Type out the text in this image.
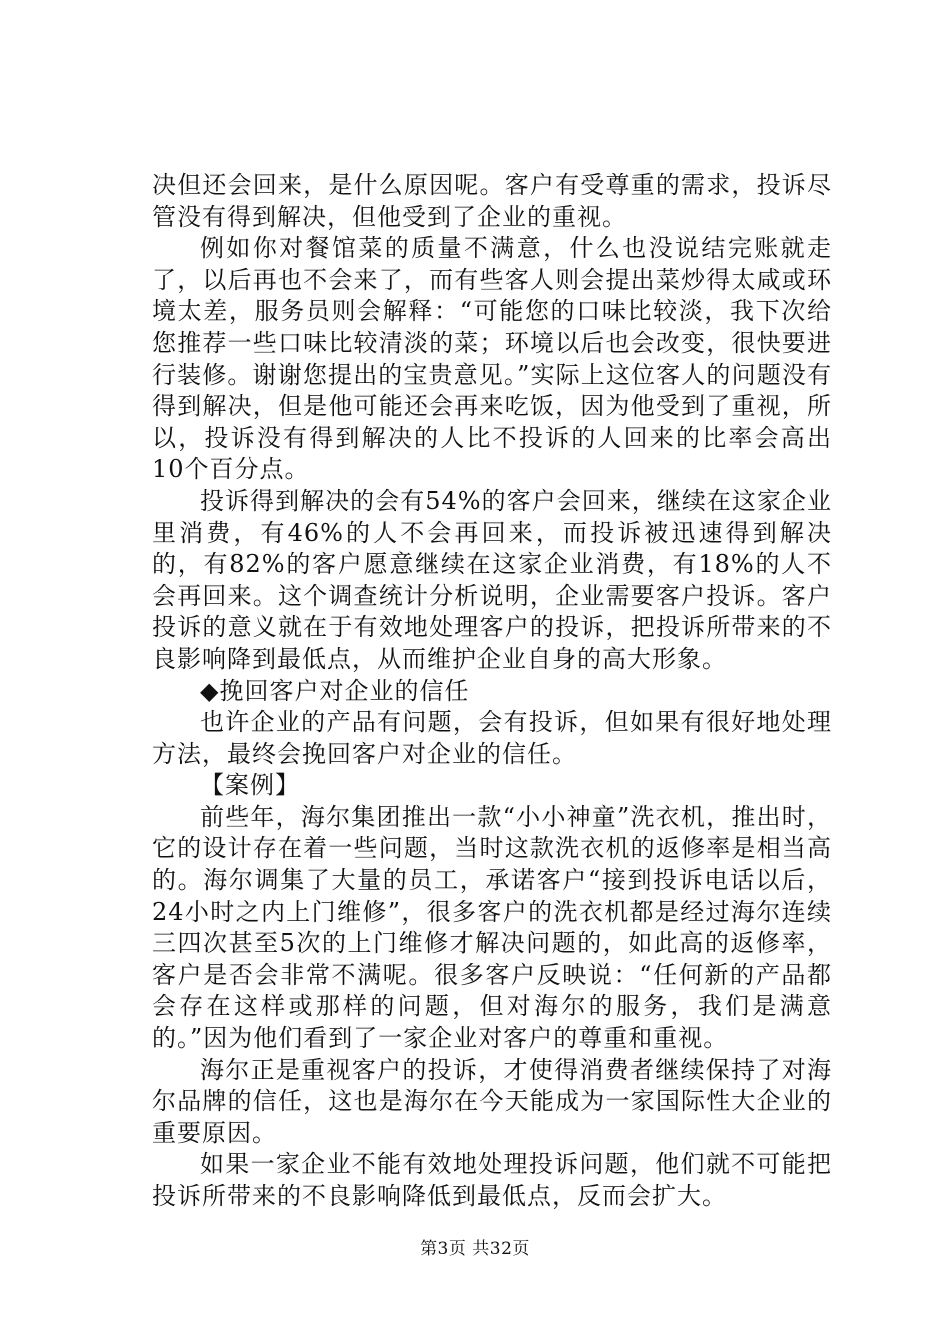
决但还会回来，是什么原因呢。客户有受尊重的需求，投诉尽管没有得到解决，但他受到了企业的重视。

例如你对餐馆菜的质量不满意，什么也没说结完账就走了，以后再也不会来了，而有些客人则会提出菜炒得太咸或环境太差，服务员则会解释：“可能您的口味比较淡，我下次给您推荐一些口味比较清淡的菜；环境以后也会改变，很快要进行装修。谢谢您提出的宝贵意见。”实际上这位客人的问题没有得到解决，但是他可能还会再来吃饭，因为他受到了重视，所以，投诉没有得到解决的人比不投诉的人回来的比率会高出10个百分点。

投诉得到解决的会有54%的客户会回来，继续在这家企业里消费，有46%的人不会再回来，而投诉被迅速得到解决的，有82%的客户愿意继续在这家企业消费，有18%的人不会再回来。这个调查统计分析说明，企业需要客户投诉。客户投诉的意义就在于有效地处理客户的投诉，把投诉所带来的不良影响降到最低点，从而维护企业自身的高大形象。

◆挽回客户对企业的信任

也许企业的产品有问题，会有投诉，但如果有很好地处理方法，最终会挽回客户对企业的信任。

【案例】

前些年，海尔集团推出一款“小小神童”洗衣机，推出时，它的设计存在着一些问题，当时这款洗衣机的返修率是相当高的。海尔调集了大量的员工，承诺客户“接到投诉电话以后，24小时之内上门维修”，很多客户的洗衣机都是经过海尔连续三四次甚至5次的上门维修才解决问题的，如此高的返修率，客户是否会非常不满呢。很多客户反映说：“任何新的产品都会存在这样或那样的问题，但对海尔的服务，我们是满意的。”因为他们看到了一家企业对客户的尊重和重视。

海尔正是重视客户的投诉，才使得消费者继续保持了对海尔品牌的信任，这也是海尔在今天能成为一家国际性大企业的重要原因。

如果一家企业不能有效地处理投诉问题，他们就不可能把投诉所带来的不良影响降低到最低点，反而会扩大。

第3页 共32页
